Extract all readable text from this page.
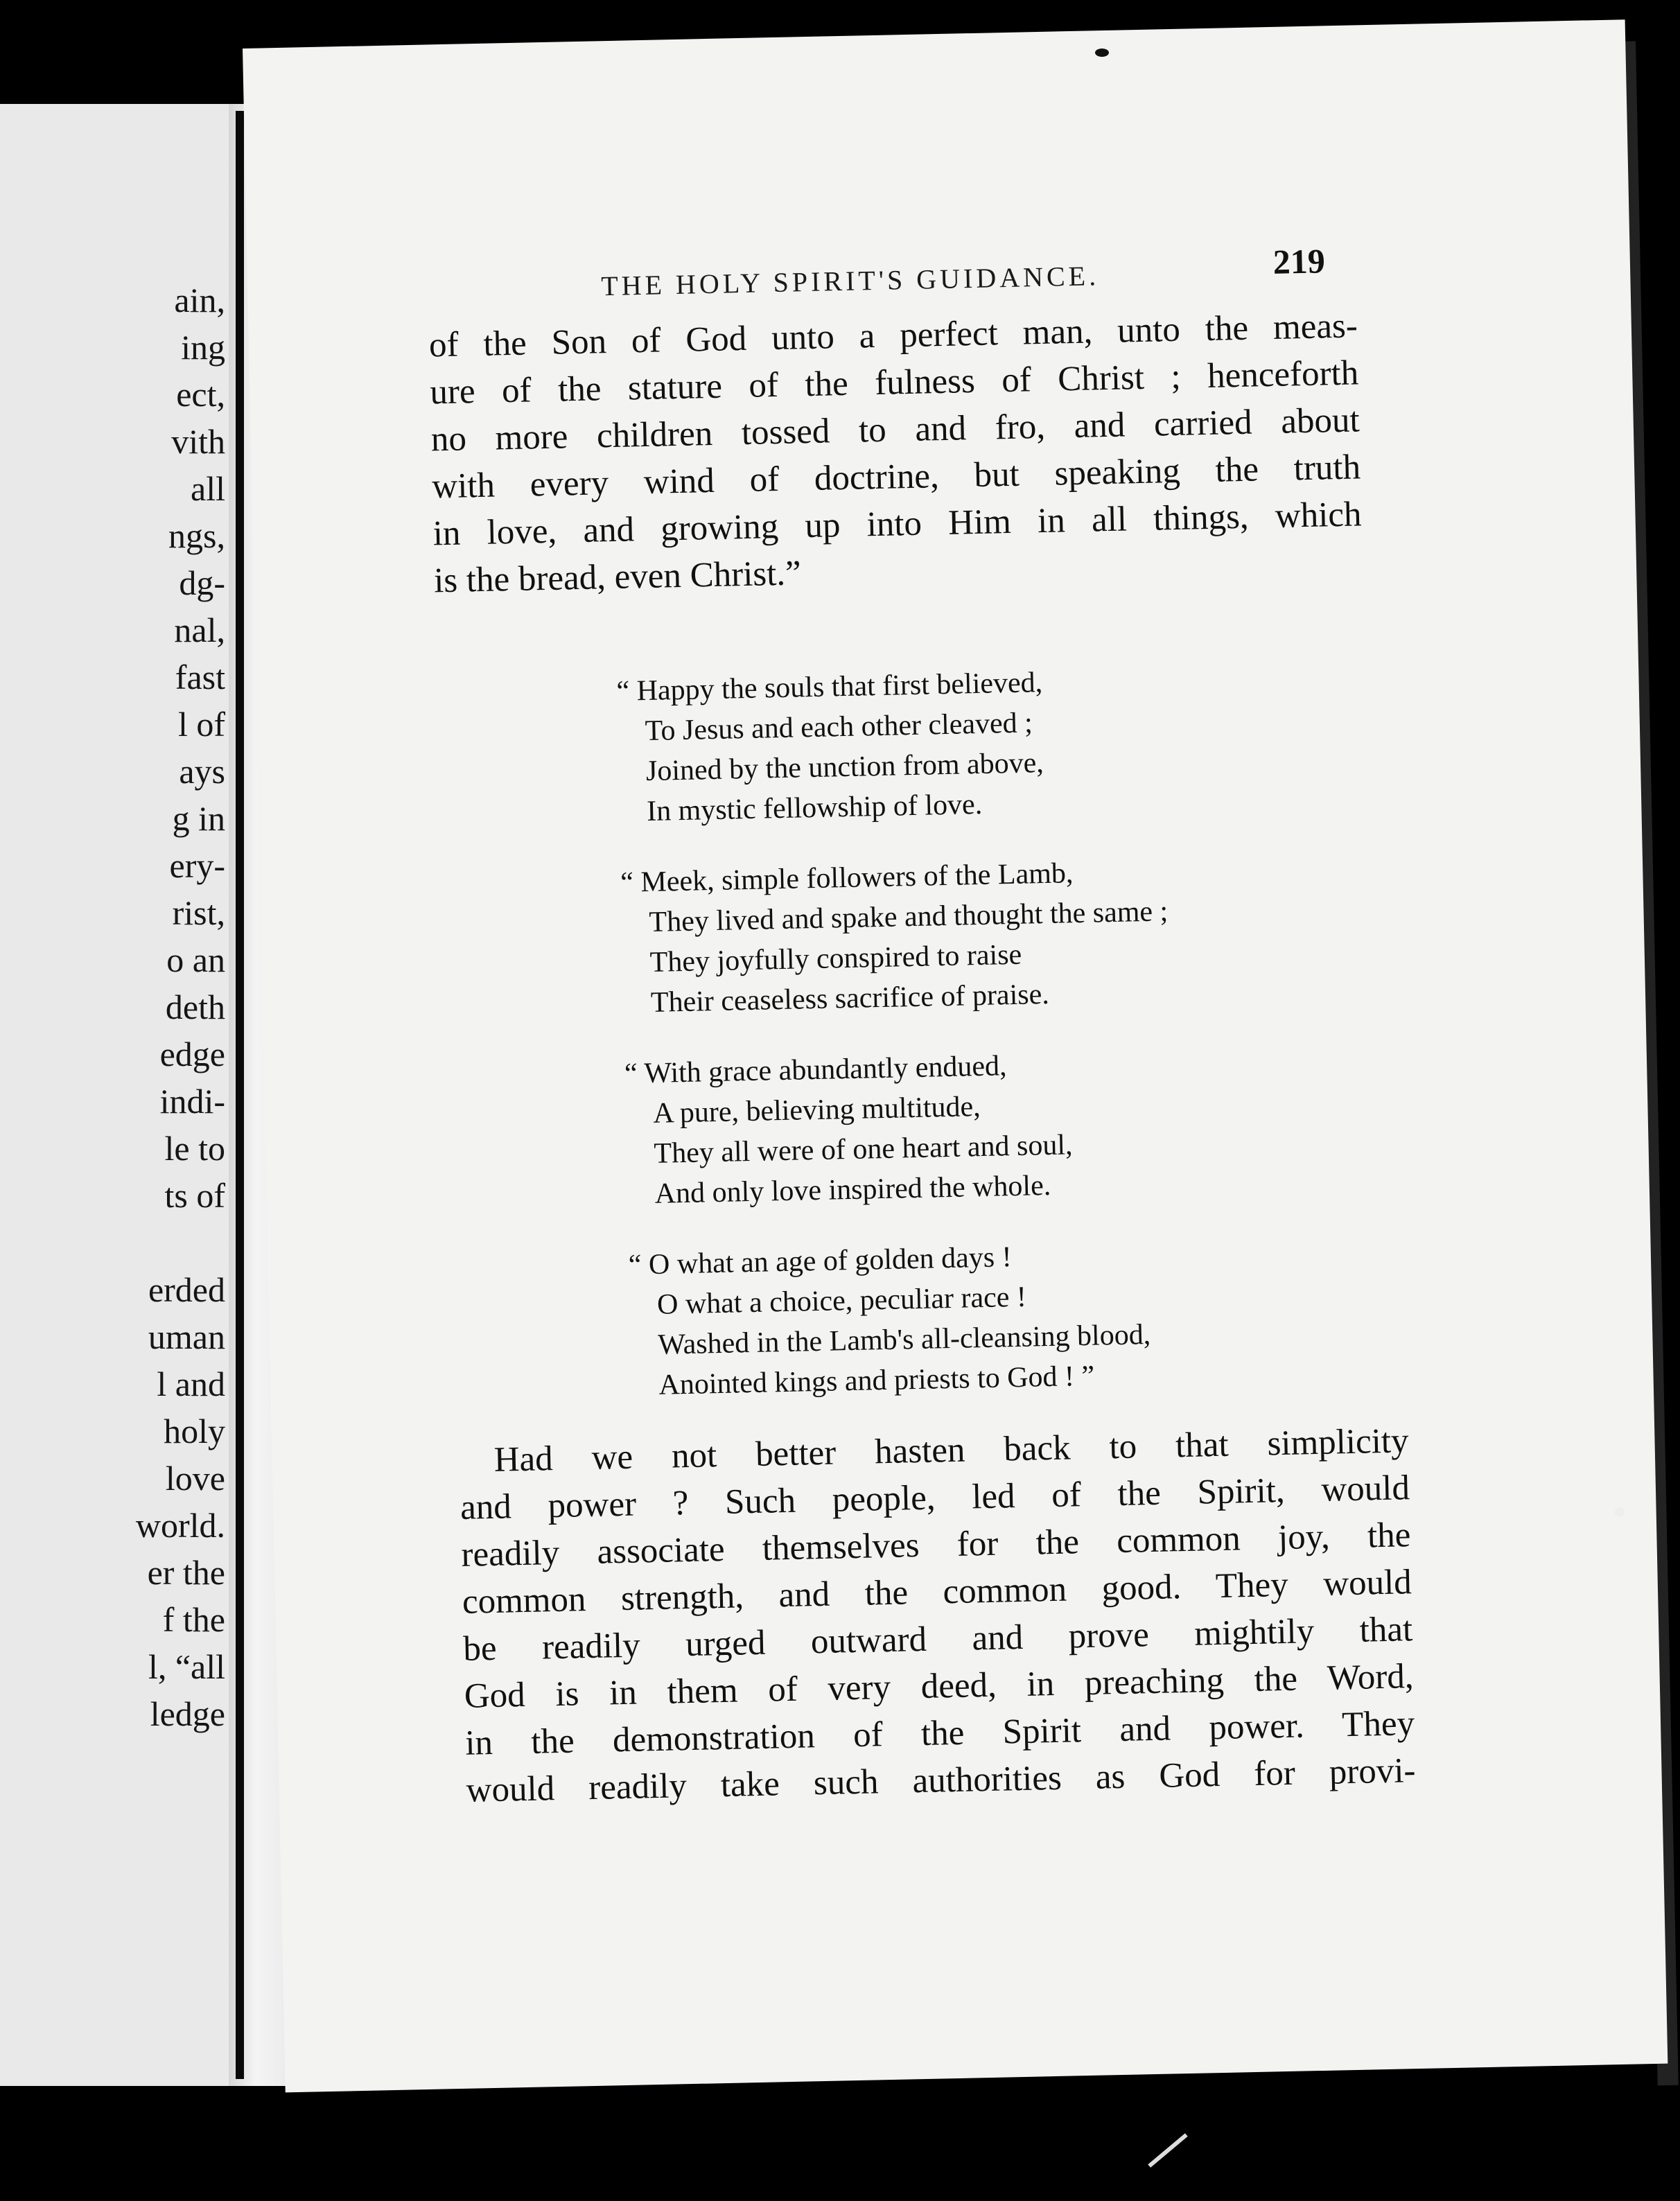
ain,
ing
ect,
vith
all
ngs,
dg-
nal,
fast
l of
ays
g in
ery-
rist,
o an
deth
edge
indi-
le to
ts of
erded
uman
l and
holy
love
world.
er the
f the
l, “all
ledge
THE HOLY SPIRIT'S GUIDANCE.	219
of the Son of God unto a perfect man, unto the meas-
ure of the stature of the fulness of Christ ; henceforth
no more children tossed to and fro, and carried about
with every wind of doctrine, but speaking the truth
in love, and growing up into Him in all things, which
is the bread, even Christ.”
“ Happy the souls that first believed,
To Jesus and each other cleaved ;
Joined by the unction from above,
In mystic fellowship of love.
“ Meek, simple followers of the Lamb,
They lived and spake and thought the same ;
They joyfully conspired to raise
Their ceaseless sacrifice of praise.
“ With grace abundantly endued,
A pure, believing multitude,
They all were of one heart and soul,
And only love inspired the whole.
“ O what an age of golden days !
O what a choice, peculiar race !
Washed in the Lamb's all-cleansing blood,
Anointed kings and priests to God ! ”
Had we not better hasten back to that simplicity
and power ? Such people, led of the Spirit, would
readily associate themselves for the common joy, the
common strength, and the common good. They would
be readily urged outward and prove mightily that
God is in them of very deed, in preaching the Word,
in the demonstration of the Spirit and power. They
would readily take such authorities as God for provi-
